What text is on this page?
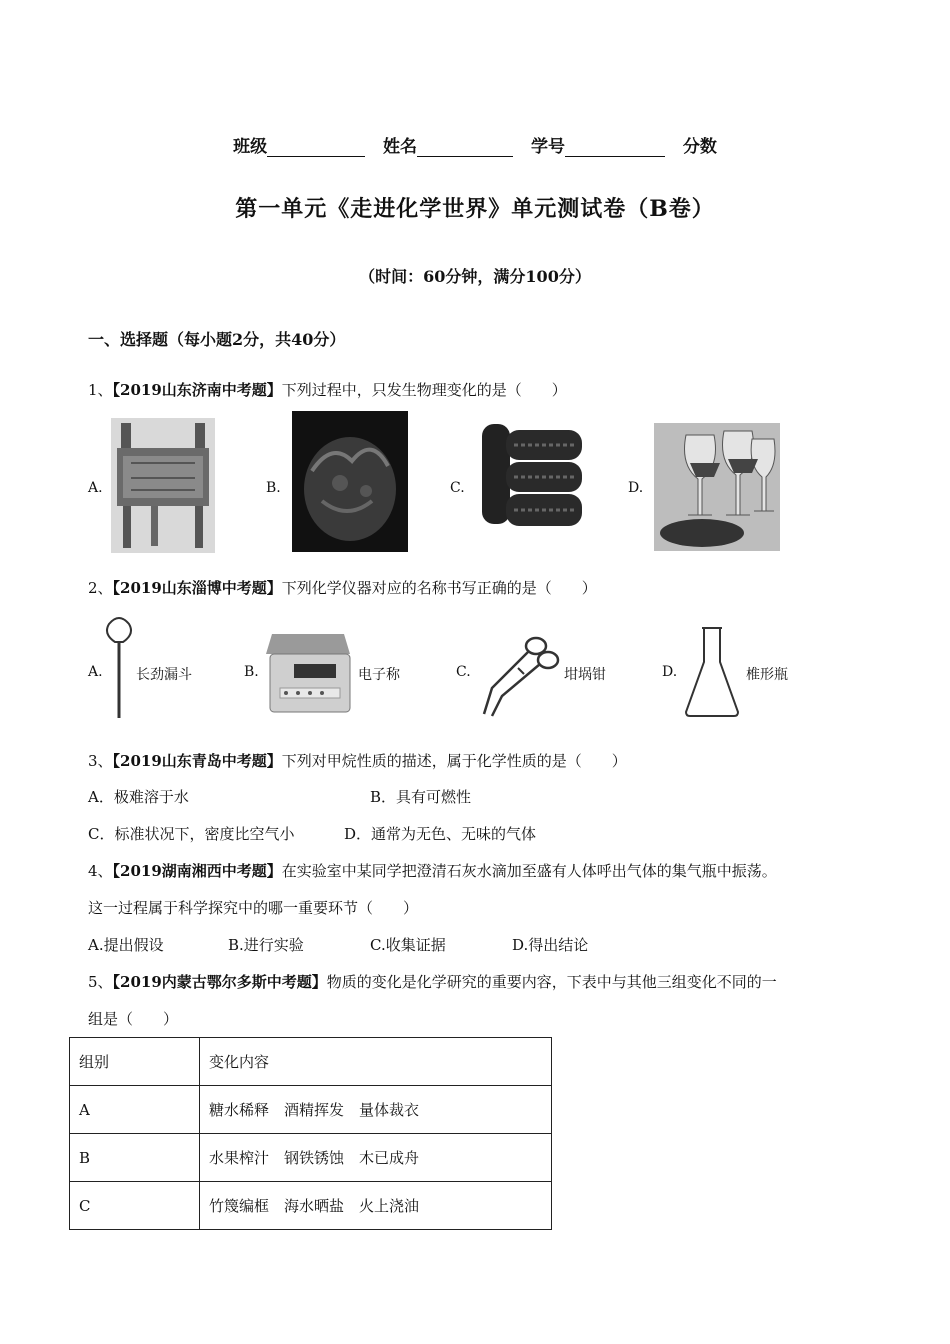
班级	姓名	学号	分数
第一单元《走进化学世界》单元测试卷（B卷）
（时间：60分钟，满分100分）
一、选择题（每小题2分，共40分）
1、【2019山东济南中考题】下列过程中，只发生物理变化的是（　　）
A.	B.	C.	D.
2、【2019山东淄博中考题】下列化学仪器对应的名称书写正确的是（　　）
A. 长劲漏斗	B.	电子称	C.	坩埚钳	D.	椎形瓶
3、【2019山东青岛中考题】下列对甲烷性质的描述，属于化学性质的是（　　）
A．极难溶于水	B．具有可燃性
C．标准状况下，密度比空气小	D．通常为无色、无味的气体
4、【2019湖南湘西中考题】在实验室中某同学把澄清石灰水滴加至盛有人体呼出气体的集气瓶中振荡。
这一过程属于科学探究中的哪一重要环节（　　）
A.提出假设	B.进行实验	C.收集证据	D.得出结论
5、【2019内蒙古鄂尔多斯中考题】物质的变化是化学研究的重要内容，下表中与其他三组变化不同的一
组是（　　）
组别	变化内容
A	糖水稀释　酒精挥发　量体裁衣
B	水果榨汁　钢铁锈蚀　木已成舟
C	竹篾编框　海水晒盐　火上浇油
